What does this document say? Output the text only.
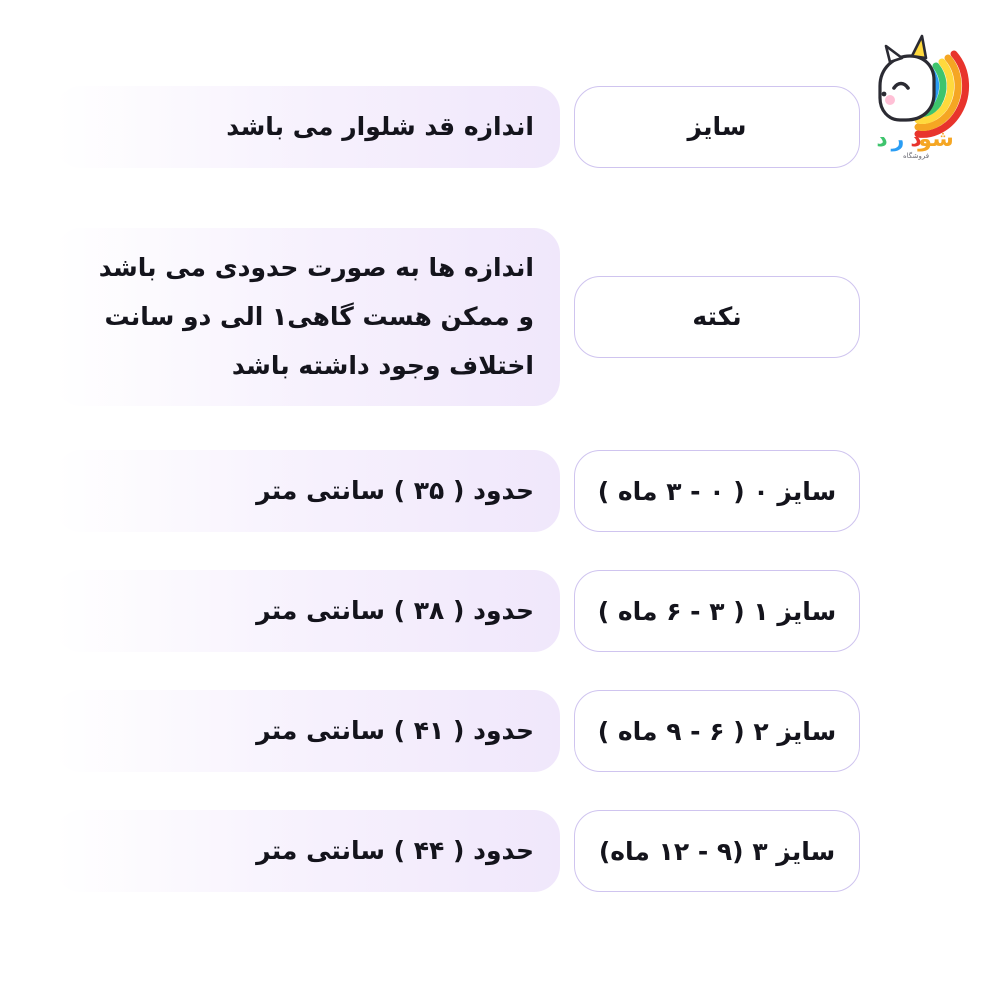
د
ر
د شو
فروشگاه
سایز
اندازه قد شلوار می باشد
نکته
اندازه ها به صورت حدودی می باشد و ممکن هست گاهی۱ الی دو سانت اختلاف وجود داشته باشد
سایز ۰ ( ۰ - ۳ ماه )
حدود ( ۳۵ ) سانتی متر
سایز ۱ ( ۳ - ۶ ماه )
حدود ( ۳۸ ) سانتی متر
سایز ۲ ( ۶ - ۹ ماه )
حدود ( ۴۱ ) سانتی متر
سایز ۳ (۹ - ۱۲ ماه)
حدود ( ۴۴ ) سانتی متر
